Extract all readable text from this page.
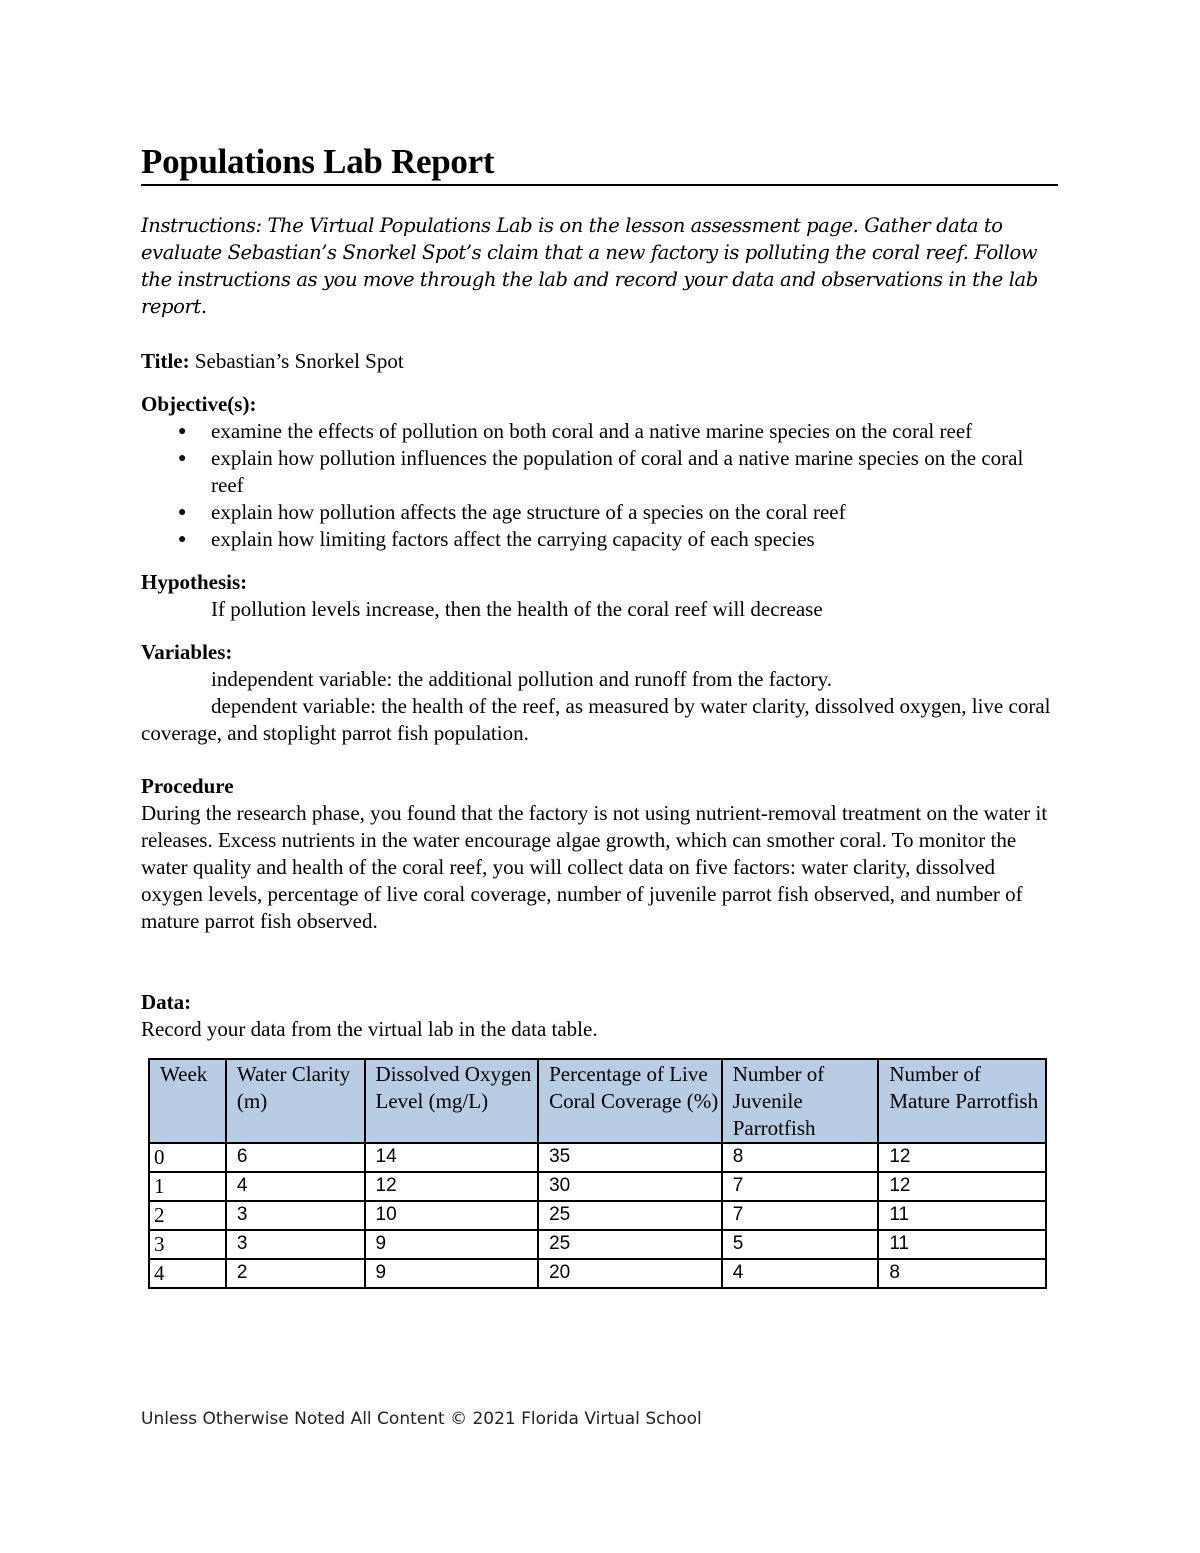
Populations Lab Report
Instructions: The Virtual Populations Lab is on the lesson assessment page. Gather data to evaluate Sebastian’s Snorkel Spot’s claim that a new factory is polluting the coral reef. Follow the instructions as you move through the lab and record your data and observations in the lab report.
Title: Sebastian’s Snorkel Spot
Objective(s):
● examine the effects of pollution on both coral and a native marine species on the coral reef
● explain how pollution influences the population of coral and a native marine species on the coral reef
● explain how pollution affects the age structure of a species on the coral reef
● explain how limiting factors affect the carrying capacity of each species
Hypothesis:
If pollution levels increase, then the health of the coral reef will decrease
Variables:
independent variable: the additional pollution and runoff from the factory.
dependent variable: the health of the reef, as measured by water clarity, dissolved oxygen, live coral coverage, and stoplight parrot fish population.
Procedure
During the research phase, you found that the factory is not using nutrient-removal treatment on the water it releases. Excess nutrients in the water encourage algae growth, which can smother coral. To monitor the water quality and health of the coral reef, you will collect data on five factors: water clarity, dissolved oxygen levels, percentage of live coral coverage, number of juvenile parrot fish observed, and number of mature parrot fish observed.
Data:
Record your data from the virtual lab in the data table.
Week	Water Clarity (m)	Dissolved Oxygen Level (mg/L)	Percentage of Live Coral Coverage (%)	Number of Juvenile Parrotfish	Number of Mature Parrotfish
0	6	14	35	8	12
1	4	12	30	7	12
2	3	10	25	7	11
3	3	9	25	5	11
4	2	9	20	4	8
Unless Otherwise Noted All Content © 2021 Florida Virtual School
